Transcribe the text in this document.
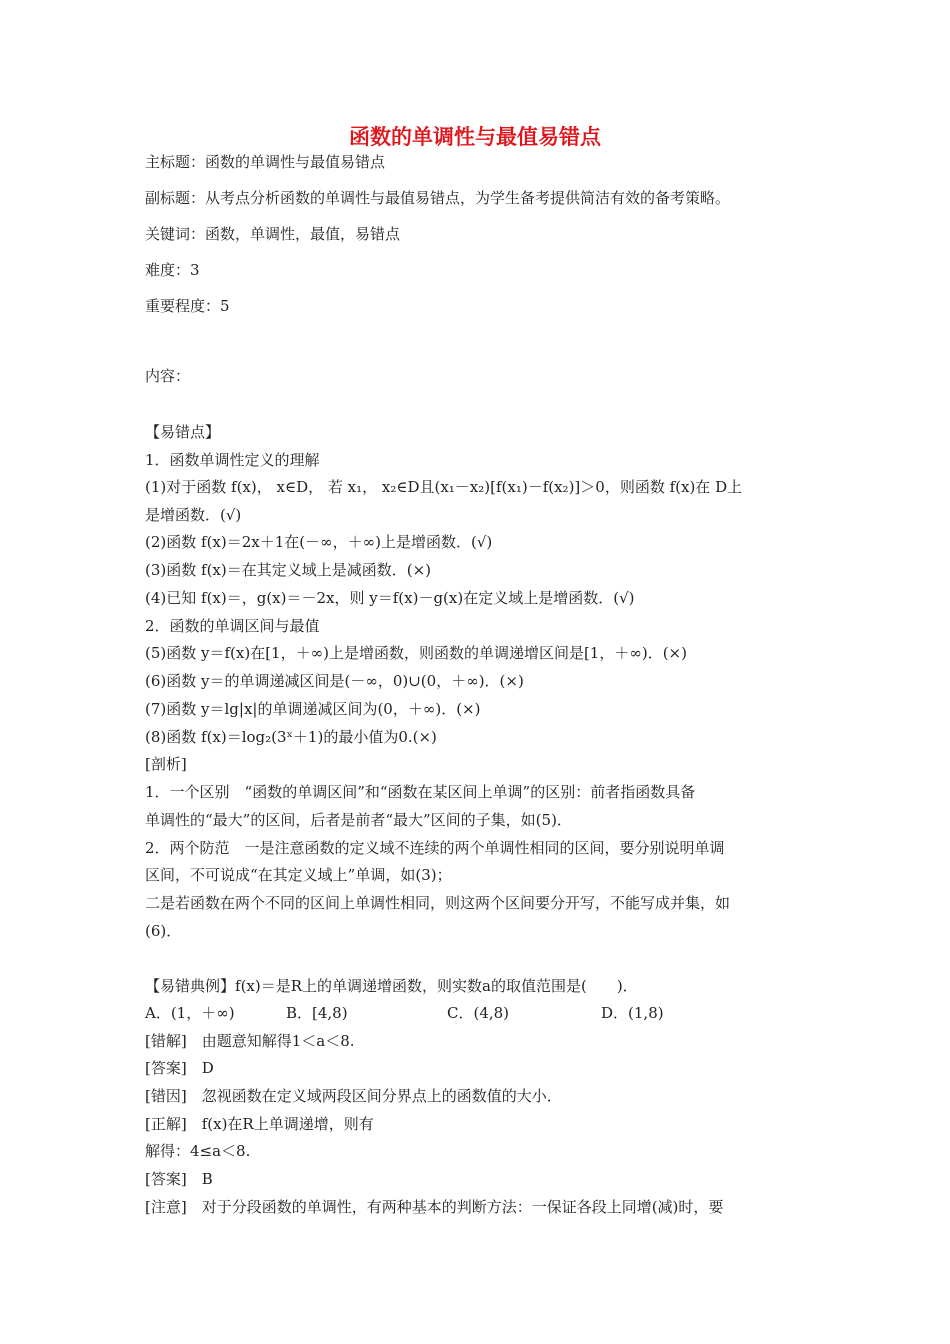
函数的单调性与最值易错点
主标题：函数的单调性与最值易错点
副标题：从考点分析函数的单调性与最值易错点，为学生备考提供简洁有效的备考策略。
关键词：函数，单调性，最值，易错点
难度：3
重要程度：5
内容：
【易错点】
1．函数单调性定义的理解
(1)对于函数 f(x)， x∈D， 若 x₁， x₂∈D且(x₁－x₂)[f(x₁)－f(x₂)]＞0，则函数 f(x)在 D上
是增函数．(√)
(2)函数 f(x)＝2x＋1在(－∞，＋∞)上是增函数．(√)
(3)函数 f(x)＝在其定义域上是减函数．(×)
(4)已知 f(x)＝，g(x)＝－2x，则 y＝f(x)－g(x)在定义域上是增函数．(√)
2．函数的单调区间与最值
(5)函数 y＝f(x)在[1，＋∞)上是增函数，则函数的单调递增区间是[1，＋∞)．(×)
(6)函数 y＝的单调递减区间是(－∞，0)∪(0，＋∞)．(×)
(7)函数 y＝lg|x|的单调递减区间为(0，＋∞)．(×)
(8)函数 f(x)＝log₂(3ˣ＋1)的最小值为0.(×)
[剖析]
1．一个区别　“函数的单调区间”和“函数在某区间上单调”的区别：前者指函数具备
单调性的“最大”的区间，后者是前者“最大”区间的子集，如(5)．
2．两个防范　一是注意函数的定义域不连续的两个单调性相同的区间，要分别说明单调
区间，不可说成“在其定义域上”单调，如(3)；
二是若函数在两个不同的区间上单调性相同，则这两个区间要分开写，不能写成并集，如
(6)．
【易错典例】f(x)＝是R上的单调递增函数，则实数a的取值范围是(　　)．
A．(1，＋∞)	B．[4,8)	C．(4,8)	D．(1,8)
[错解]　由题意知解得1＜a＜8.
[答案]　D
[错因]　忽视函数在定义域两段区间分界点上的函数值的大小．
[正解]　f(x)在R上单调递增，则有
解得：4≤a＜8.
[答案]　B
[注意]　对于分段函数的单调性，有两种基本的判断方法：一保证各段上同增(减)时，要
